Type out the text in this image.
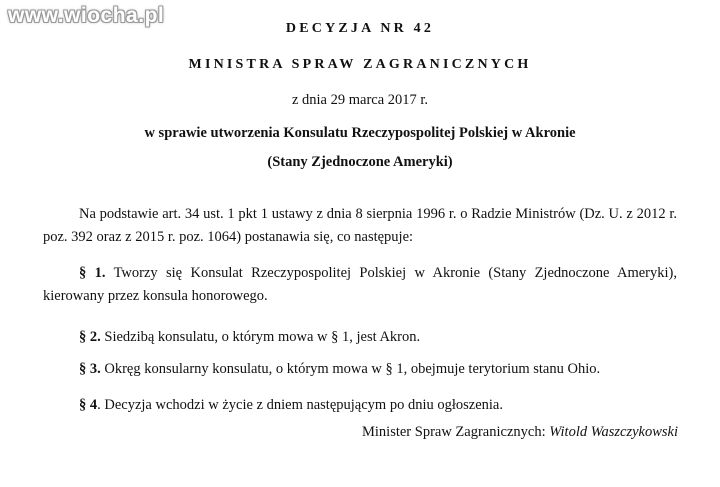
www.wiocha.pl
DECYZJA NR 42
MINISTRA SPRAW ZAGRANICZNYCH
z dnia 29 marca 2017 r.
w sprawie utworzenia Konsulatu Rzeczypospolitej Polskiej w Akronie
(Stany Zjednoczone Ameryki)
Na podstawie art. 34 ust. 1 pkt 1 ustawy z dnia 8 sierpnia 1996 r. o Radzie Ministrów (Dz. U. z 2012 r. poz. 392 oraz z 2015 r. poz. 1064) postanawia się, co następuje:
§ 1. Tworzy się Konsulat Rzeczypospolitej Polskiej w Akronie (Stany Zjednoczone Ameryki), kierowany przez konsula honorowego.
§ 2. Siedzibą konsulatu, o którym mowa w § 1, jest Akron.
§ 3. Okręg konsularny konsulatu, o którym mowa w § 1, obejmuje terytorium stanu Ohio.
§ 4. Decyzja wchodzi w życie z dniem następującym po dniu ogłoszenia.
Minister Spraw Zagranicznych: Witold Waszczykowski
